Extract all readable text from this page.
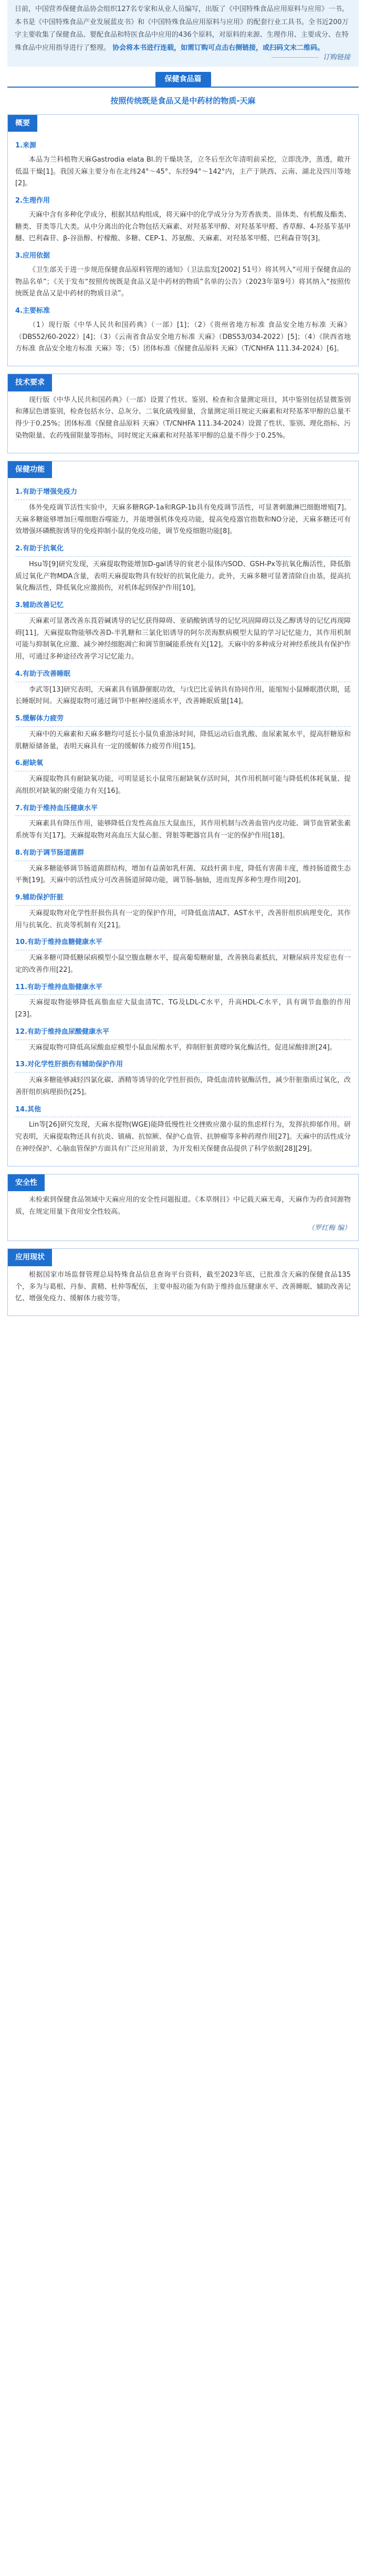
日前，中国营养保健食品协会组织127名专家和从业人员编写，出版了《中国特殊食品应用原料与应用》一书。本书是《中国特殊食品产业发展蓝皮书》和《中国特殊食品应用原料与应用》的配套行业工具书。全书近200万字主要收集了保健食品、婴配食品和特医食品中应用的436个原料，对原料的来源、生理作用、主要成分、在特殊食品中应用指导进行了整理。 协会将本书进行连载，如需订购可点击右侧链接，或扫码文末二维码。
订购链接
保健食品篇
按照传统既是食品又是中药材的物质-天麻
概要
1.来源

本品为兰科植物天麻Gastrodia elata Bl.的干燥块茎，立冬后至次年清明前采挖，立即洗净，蒸透，敞开低温干燥[1]。我国天麻主要分布在北纬24°～45°、东经94°～142°内，主产于陕西、云南、湖北及四川等地[2]。

2.生理作用

天麻中含有多种化学成分，根据其结构组成，将天麻中的化学成分分为芳香族类、甾体类、有机酸及酯类、糖类、苷类等几大类。从中分离出的化合物包括天麻素、对羟基苯甲醇、对羟基苯甲醛、香草醇、4-羟基苄基甲醚、巴利森苷、β-谷甾醇、柠檬酸、多糖、CEP-1、苏氨酸、天麻素、对羟基苯甲醛、巴利森苷等[3]。

3.应用依据

《卫生部关于进一步规范保健食品原料管理的通知》（卫法监发[2002] 51号）将其列入“可用于保健食品的物品名单”；《关于发布“按照传统既是食品又是中药材的物质”名单的公告》（2023年第9号）将其纳入“按照传统既是食品又是中药材的物质目录”。

4.主要标准

（1）现行版《中华人民共和国药典》（一部）[1]；（2）《贵州省地方标准 食品安全地方标准 天麻》（DBS52/60-2022）[4]；（3）《云南省食品安全地方标准 天麻》（DBS53/034-2022）[5]；（4）《陕西省地方标准 食品安全地方标准 天麻》等；（5）团体标准《保健食品原料 天麻》（T/CNHFA 111.34-2024）[6]。

技术要求

现行版《中华人民共和国药典》（一部）设置了性状、鉴别、检查和含量测定项目，其中鉴别包括显微鉴别和薄层色谱鉴别，检查包括水分、总灰分、二氧化硫残留量，含量测定项目规定天麻素和对羟基苯甲醇的总量不得少于0.25%；团体标准《保健食品原料 天麻》（T/CNHFA 111.34-2024）设置了性状、鉴别、理化指标、污染物限量、农药残留限量等指标，同时规定天麻素和对羟基苯甲醇的总量不得少于0.25%。

保健功能
1.有助于增强免疫力

体外免疫调节活性实验中，天麻多糖RGP-1a和RGP-1b具有免疫调节活性，可显著刺激淋巴细胞增殖[7]。天麻多糖能够增加巨噬细胞吞噬能力，并能增强机体免疫功能，提高免疫器官指数和NO分泌，天麻多糖还可有效增强环磷酰胺诱导的免疫抑制小鼠的免疫功能，调节免疫细胞功能[8]。

2.有助于抗氧化

Hsu等[9]研究发现，天麻提取物能增加D-gal诱导的衰老小鼠体内SOD、GSH-Px等抗氧化酶活性，降低脂质过氧化产物MDA含量，表明天麻提取物具有较好的抗氧化能力。此外，天麻多糖可显著清除自由基，提高抗氧化酶活性，降低氧化应激损伤，对机体起到保护作用[10]。

3.辅助改善记忆

天麻素可显著改善东莨菪碱诱导的记忆获得障碍、亚硝酸钠诱导的记忆巩固障碍以及乙醇诱导的记忆再现障碍[11]。天麻提取物能够改善D-半乳糖和三氯化铝诱导的阿尔茨海默病模型大鼠的学习记忆能力，其作用机制可能与抑制氧化应激、减少神经细胞凋亡和调节胆碱能系统有关[12]。天麻中的多种成分对神经系统具有保护作用，可通过多种途径改善学习记忆能力。

4.有助于改善睡眠

李武等[13]研究表明，天麻素具有镇静催眠功效，与戊巴比妥钠具有协同作用，能缩短小鼠睡眠潜伏期，延长睡眠时间。天麻提取物可通过调节中枢神经递质水平，改善睡眠质量[14]。

5.缓解体力疲劳

天麻中的天麻素和天麻多糖均可延长小鼠负重游泳时间，降低运动后血乳酸、血尿素氮水平，提高肝糖原和肌糖原储备量，表明天麻具有一定的缓解体力疲劳作用[15]。

6.耐缺氧

天麻提取物具有耐缺氧功能，可明显延长小鼠常压耐缺氧存活时间，其作用机制可能与降低机体耗氧量、提高组织对缺氧的耐受能力有关[16]。

7.有助于维持血压健康水平

天麻素具有降压作用，能够降低自发性高血压大鼠血压，其作用机制与改善血管内皮功能、调节血管紧张素系统等有关[17]。天麻提取物对高血压大鼠心脏、肾脏等靶器官具有一定的保护作用[18]。

8.有助于调节肠道菌群

天麻多糖能够调节肠道菌群结构，增加有益菌如乳杆菌、双歧杆菌丰度，降低有害菌丰度，维持肠道微生态平衡[19]。天麻中的活性成分可改善肠道屏障功能，调节肠-脑轴，进而发挥多种生理作用[20]。

9.辅助保护肝脏

天麻提取物对化学性肝损伤具有一定的保护作用，可降低血清ALT、AST水平，改善肝组织病理变化，其作用与抗氧化、抗炎等机制有关[21]。

10.有助于维持血糖健康水平

天麻多糖可降低糖尿病模型小鼠空腹血糖水平，提高葡萄糖耐量，改善胰岛素抵抗，对糖尿病并发症也有一定的改善作用[22]。

11.有助于维持血脂健康水平

天麻提取物能够降低高脂血症大鼠血清TC、TG及LDL-C水平，升高HDL-C水平，具有调节血脂的作用[23]。

12.有助于维持血尿酸健康水平

天麻提取物可降低高尿酸血症模型小鼠血尿酸水平，抑制肝脏黄嘌呤氧化酶活性，促进尿酸排泄[24]。

13.对化学性肝损伤有辅助保护作用

天麻多糖能够减轻四氯化碳、酒精等诱导的化学性肝损伤，降低血清转氨酶活性，减少肝脏脂质过氧化，改善肝组织病理损伤[25]。

14.其他

Lin等[26]研究发现，天麻水提物(WGE)能降低慢性社交挫败应激小鼠的焦虑样行为，发挥抗抑郁作用。研究表明，天麻提取物还具有抗炎、镇痛、抗惊厥、保护心血管、抗肿瘤等多种药理作用[27]。天麻中的活性成分在神经保护、心脑血管保护方面具有广泛应用前景，为开发相关保健食品提供了科学依据[28][29]。

安全性

未检索到保健食品领域中天麻应用的安全性问题报道。《本草纲目》中记载天麻无毒，天麻作为药食同源物质，在规定用量下食用安全性较高。

（罗红梅 编）
应用现状

根据国家市场监督管理总局特殊食品信息查询平台资料，截至2023年底，已批准含天麻的保健食品135个，多为与葛根、丹参、黄精、杜仲等配伍，主要申报功能为有助于维持血压健康水平、改善睡眠、辅助改善记忆、增强免疫力、缓解体力疲劳等。
